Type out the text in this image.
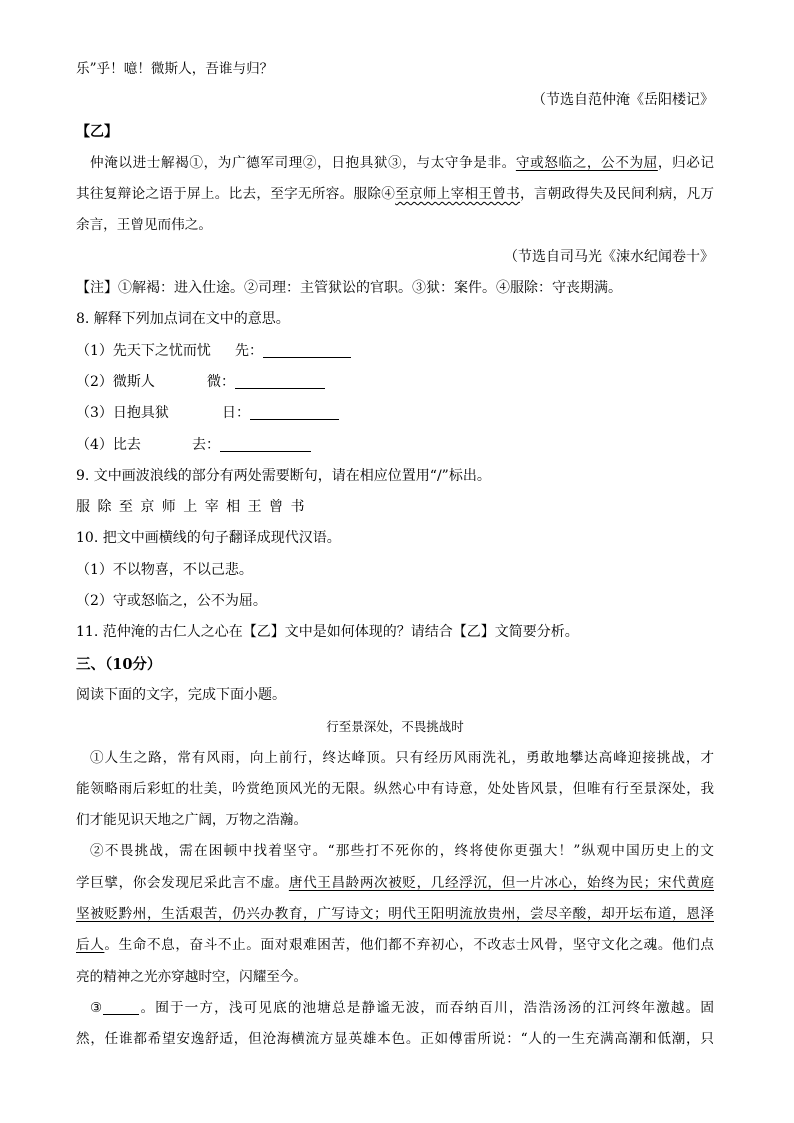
乐”乎！噫！微斯人，吾谁与归？
（节选自范仲淹《岳阳楼记》
【乙】
仲淹以进士解褐①，为广德军司理②，日抱具狱③，与太守争是非。守或怒临之，公不为屈，归必记
其往复辩论之语于屏上。比去，至字无所容。服除④至京师上宰相王曾书，言朝政得失及民间利病，凡万
余言，王曾见而伟之。
（节选自司马光《涑水纪闻卷十》
【注】①解褐：进入仕途。②司理：主管狱讼的官职。③狱：案件。④服除：守丧期满。
8. 解释下列加点词在文中的意思。
（1）先天下之忧而忧 先：
（2）微斯人	微：
（3）日抱具狱	日：
（4）比去	去：
9. 文中画波浪线的部分有两处需要断句，请在相应位置用“/”标出。
服 除 至 京 师 上 宰 相 王 曾 书
10. 把文中画横线的句子翻译成现代汉语。
（1）不以物喜，不以己悲。
（2）守或怒临之，公不为屈。
11. 范仲淹的古仁人之心在【乙】文中是如何体现的？请结合【乙】文简要分析。
三、（10分）
阅读下面的文字，完成下面小题。
行至景深处，不畏挑战时
①人生之路，常有风雨，向上前行，终达峰顶。只有经历风雨洗礼，勇敢地攀达高峰迎接挑战，才
能领略雨后彩虹的壮美，吟赏绝顶风光的无限。纵然心中有诗意，处处皆风景，但唯有行至景深处，我
们才能见识天地之广阔，万物之浩瀚。
②不畏挑战，需在困顿中找着坚守。“那些打不死你的，终将使你更强大！”纵观中国历史上的文
学巨擘，你会发现尼采此言不虚。唐代王昌龄两次被贬，几经浮沉，但一片冰心，始终为民；宋代黄庭
坚被贬黔州，生活艰苦，仍兴办教育，广写诗文；明代王阳明流放贵州，尝尽辛酸，却开坛布道，恩泽
后人。生命不息，奋斗不止。面对艰难困苦，他们都不弃初心，不改志士风骨，坚守文化之魂。他们点
亮的精神之光亦穿越时空，闪耀至今。
③	。囿于一方，浅可见底的池塘总是静谧无波，而吞纳百川，浩浩汤汤的江河终年激越。固
然，任谁都希望安逸舒适，但沧海横流方显英雄本色。正如傅雷所说：“人的一生充满高潮和低潮，只
